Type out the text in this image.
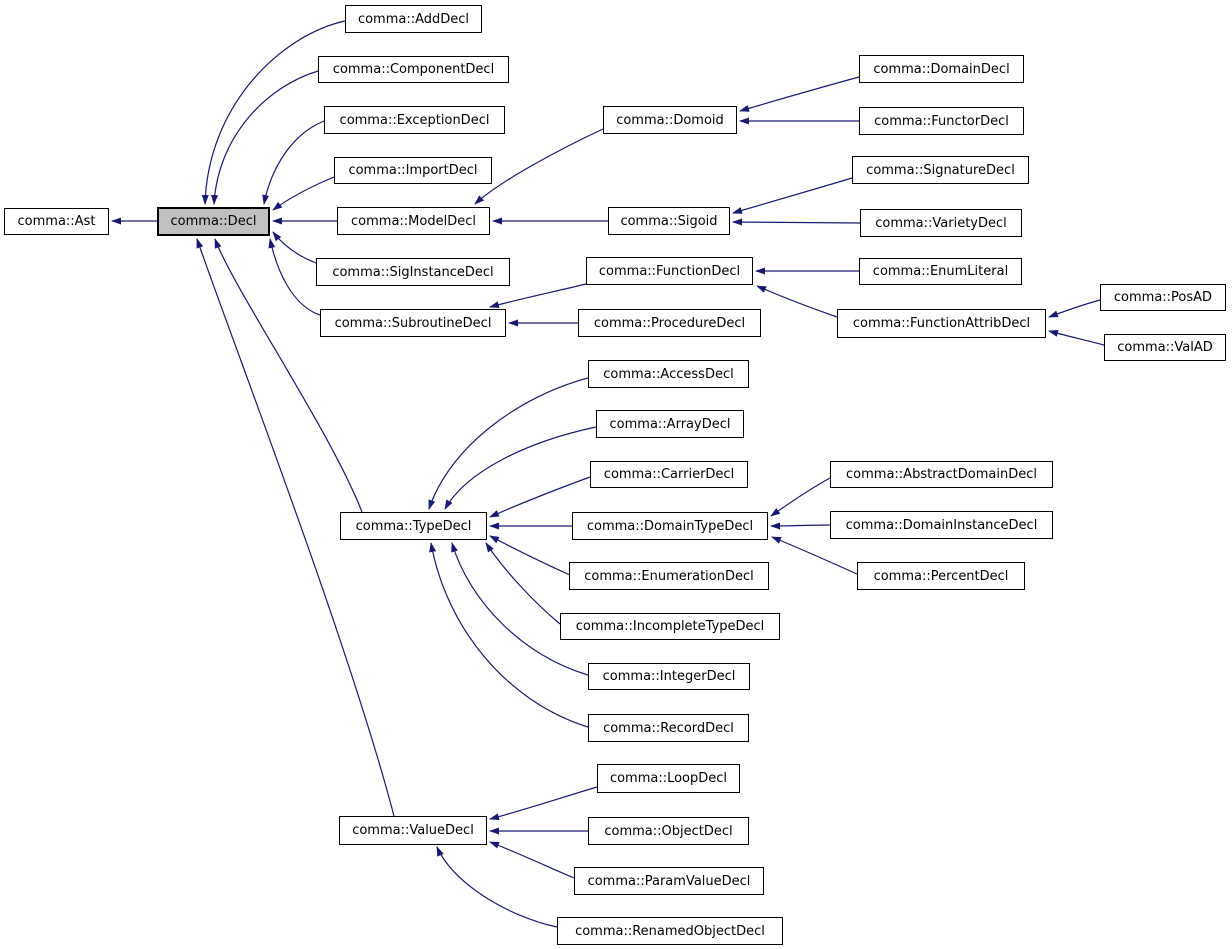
comma::Ast	comma::Decl
comma::AddDecl
comma::ComponentDecl
comma::ExceptionDecl
comma::ImportDecl
comma::ModelDecl
comma::SigInstanceDecl
comma::SubroutineDecl
comma::TypeDecl
comma::ValueDecl
comma::Domoid
comma::Sigoid
comma::FunctionDecl
comma::ProcedureDecl
comma::DomainDecl
comma::FunctorDecl
comma::SignatureDecl
comma::VarietyDecl
comma::EnumLiteral
comma::FunctionAttribDecl
comma::PosAD
comma::ValAD
comma::AccessDecl
comma::ArrayDecl
comma::CarrierDecl
comma::DomainTypeDecl
comma::EnumerationDecl
comma::IncompleteTypeDecl
comma::IntegerDecl
comma::RecordDecl
comma::AbstractDomainDecl
comma::DomainInstanceDecl
comma::PercentDecl
comma::LoopDecl
comma::ObjectDecl
comma::ParamValueDecl
comma::RenamedObjectDecl
